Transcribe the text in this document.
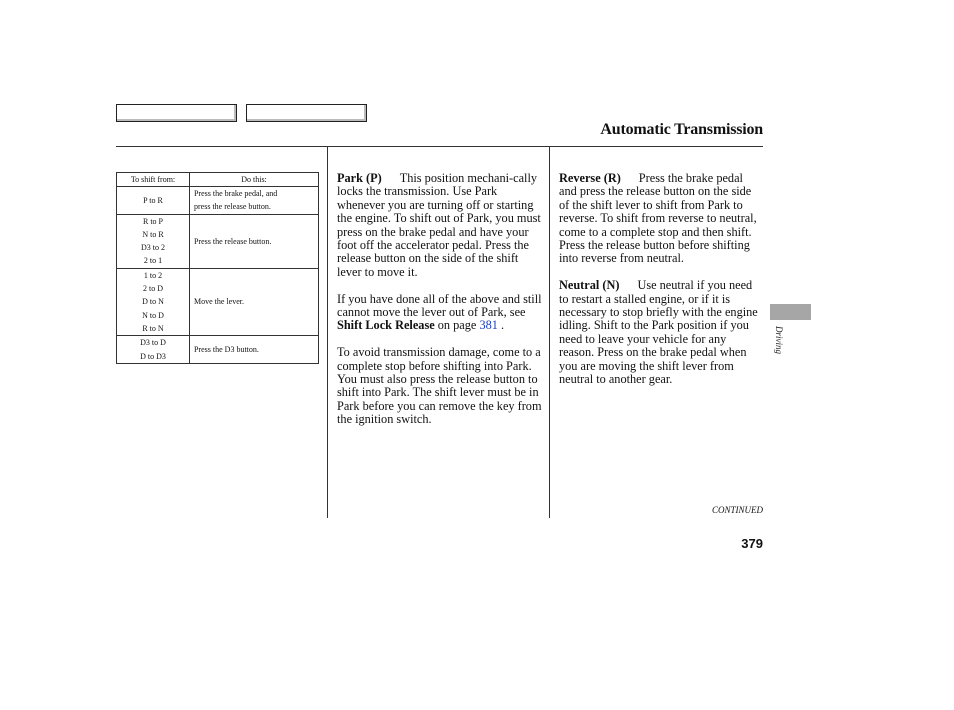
Automatic Transmission
To shift from:	Do this:

P to R	Press the brake pedal, and
press the release button.

R to P
N to R
D3 to 2
2 to 1	Press the release button.

1 to 2
2 to D
D to N
N to D
R to N	Move the lever.

D3 to D
D to D3	Press the D3 button.

Park (P) This position mechani-cally locks the transmission. Use Park whenever you are turning off or starting the engine. To shift out of Park, you must press on the brake pedal and have your foot off the accelerator pedal. Press the release button on the side of the shift lever to move it.

If you have done all of the above and still cannot move the lever out of Park, see Shift Lock Release on page 381 .

To avoid transmission damage, come to a complete stop before shifting into Park. You must also press the release button to shift into Park. The shift lever must be in Park before you can remove the key from the ignition switch.

Reverse (R) Press the brake pedal and press the release button on the side of the shift lever to shift from Park to reverse. To shift from reverse to neutral, come to a complete stop and then shift. Press the release button before shifting into reverse from neutral.

Neutral (N) Use neutral if you need to restart a stalled engine, or if it is necessary to stop briefly with the engine idling. Shift to the Park position if you need to leave your vehicle for any reason. Press on the brake pedal when you are moving the shift lever from neutral to another gear.

Driving
CONTINUED
379
